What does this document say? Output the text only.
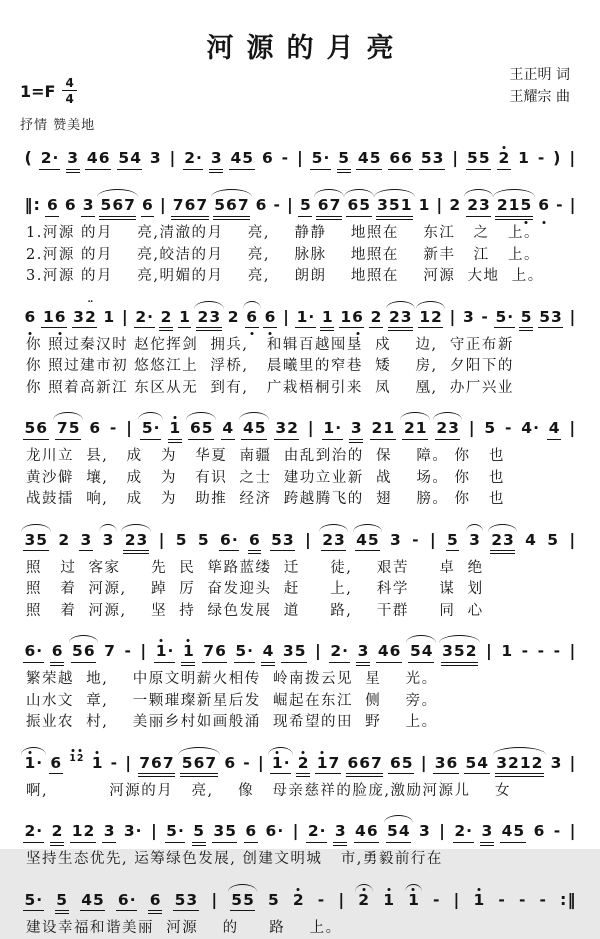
河源的月亮
$1=F \frac{4}{4}$
抒情 赞美地
王正明 词
王耀宗 曲
( 2· 3 46 54 3 | 2· 3 45 6 - | 5· 5 45 66 53 | 55 2 1 - ) |
‖: 6 6 3 567 6 | 767 567 6 - | 5 67 65 351 1 | 2 23 215 6 - |
1.河源 的月    亮,清澈的月    亮,    静静    地照在    东江   之   上。
2.河源 的月    亮,皎洁的月    亮,    脉脉    地照在    新丰   江   上。
3.河源 的月    亮,明媚的月    亮,    朗朗    地照在    河源  大地  上。
6 16 3¨ 2 1 | 2· 2 1 23 2 6 6 | 1· 1 16 2 23 12 | 3 - 5· 5 53 |
你 照过秦汉时 赵佗挥剑  拥兵,   和辑百越囤垦  戍    边,  守正布新
你 照过建市初 悠悠江上  浮桥,   晨曦里的窄巷  矮    房,  夕阳下的
你 照着高新江 东区从无  到有,   广栽梧桐引来  凤    凰,  办厂兴业
56 75 6 - | 5· 1 65 4 45 32 | 1· 3 21 21 23 | 5 - 4· 4 |
龙川立  县,   成   为   华夏  南疆  由乱到治的  保    障。 你   也
黄沙僻  壤,   成   为   有识  之士  建功立业新  战    场。 你   也
战鼓擂  响,   成   为   助推  经济  跨越腾飞的  翅    膀。 你   也
35 2 3 3 23 | 5 5 6· 6 53 | 23 45 3 - | 5 3 23 4 5 |
照   过  客家     先  民  筚路蓝缕  迁     徒,    艰苦     卓  绝
照   着  河源,    踔  厉  奋发迎头  赶     上,    科学     谋  划
照   着  河源,    坚  持  绿色发展  道     路,    干群     同  心
6· 6 56 7 - | 1· 1 76 5· 4 35 | 2· 3 46 54 352 | 1 - - - |
繁荣越  地,    中原文明薪火相传  岭南拨云见  星    光。
山水文  章,    一颗璀璨新星后发  崛起在东江  侧    旁。
振业农  村,    美丽乡村如画般涌  现希望的田  野    上。
1· 6 12 1 - | 767 567 6 - | 1· 2 17 667 65 | 36 54 3212 3 |
啊,          河源的月   亮,    像   母亲慈祥的脸庞,激励河源儿    女
2· 2 12 3 3· | 5· 5 35 6 6· | 2· 3 46 54 3 | 2· 3 45 6 - |
坚持生态优先, 运筹绿色发展, 创建文明城   市,勇毅前行在
5· 5 45 6· 6 53 | 55 5 2 - | 2 1 1 - | 1 - - - :‖
建设幸福和谐美丽  河源    的     路    上。
